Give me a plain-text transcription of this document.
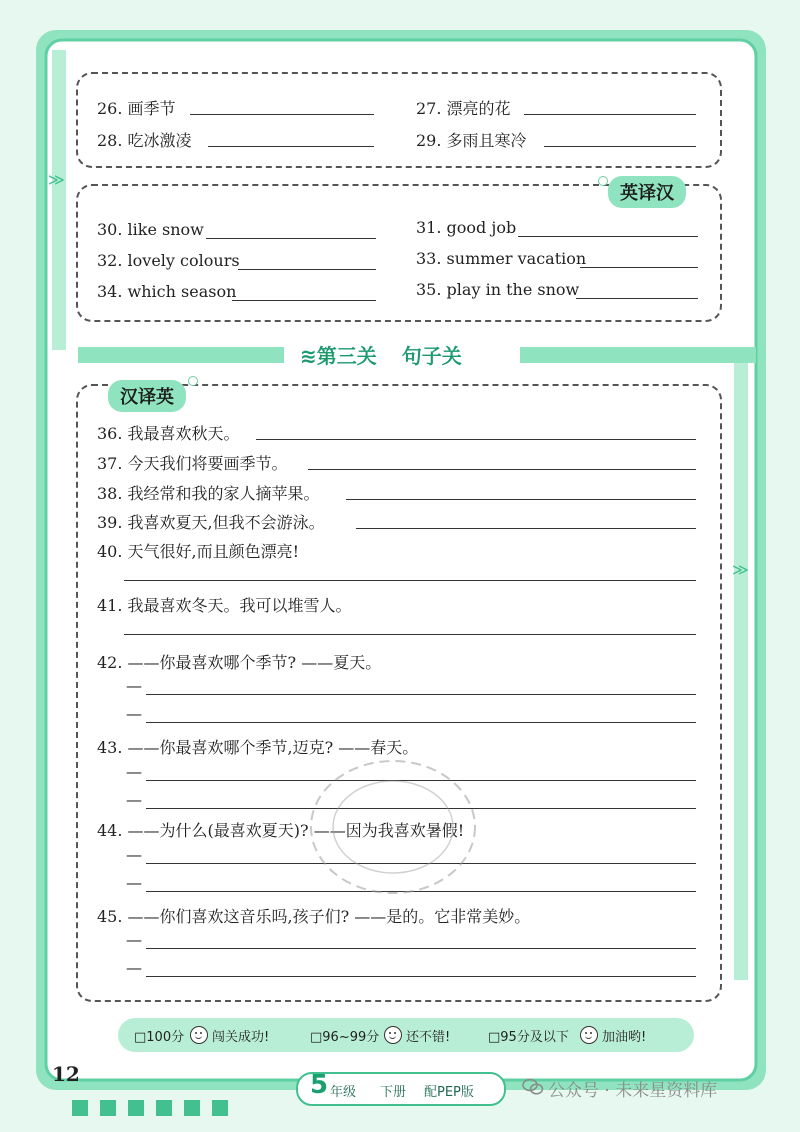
≫
≫
26. 画季节	27. 漂亮的花
28. 吃冰激凌	29. 多雨且寒冷
英译汉
30. like snow	31. good job
32. lovely colours	33. summer vacation
34. which season	35. play in the snow
≋第三关 句子关
汉译英
36. 我最喜欢秋天。
37. 今天我们将要画季节。
38. 我经常和我的家人摘苹果。
39. 我喜欢夏天,但我不会游泳。
40. 天气很好,而且颜色漂亮!
41. 我最喜欢冬天。我可以堆雪人。
42. ——你最喜欢哪个季节? ——夏天。
—
—
43. ——你最喜欢哪个季节,迈克? ——春天。
—
—
44. ——为什么(最喜欢夏天)? ——因为我喜欢暑假!
—
—
45. ——你们喜欢这音乐吗,孩子们? ——是的。它非常美妙。
—
—
□100分 闯关成功!	□96~99分 还不错!	□95分及以下	加油哟!
12	5 年级 下册 配PEP版	公众号 · 未来星资料库
